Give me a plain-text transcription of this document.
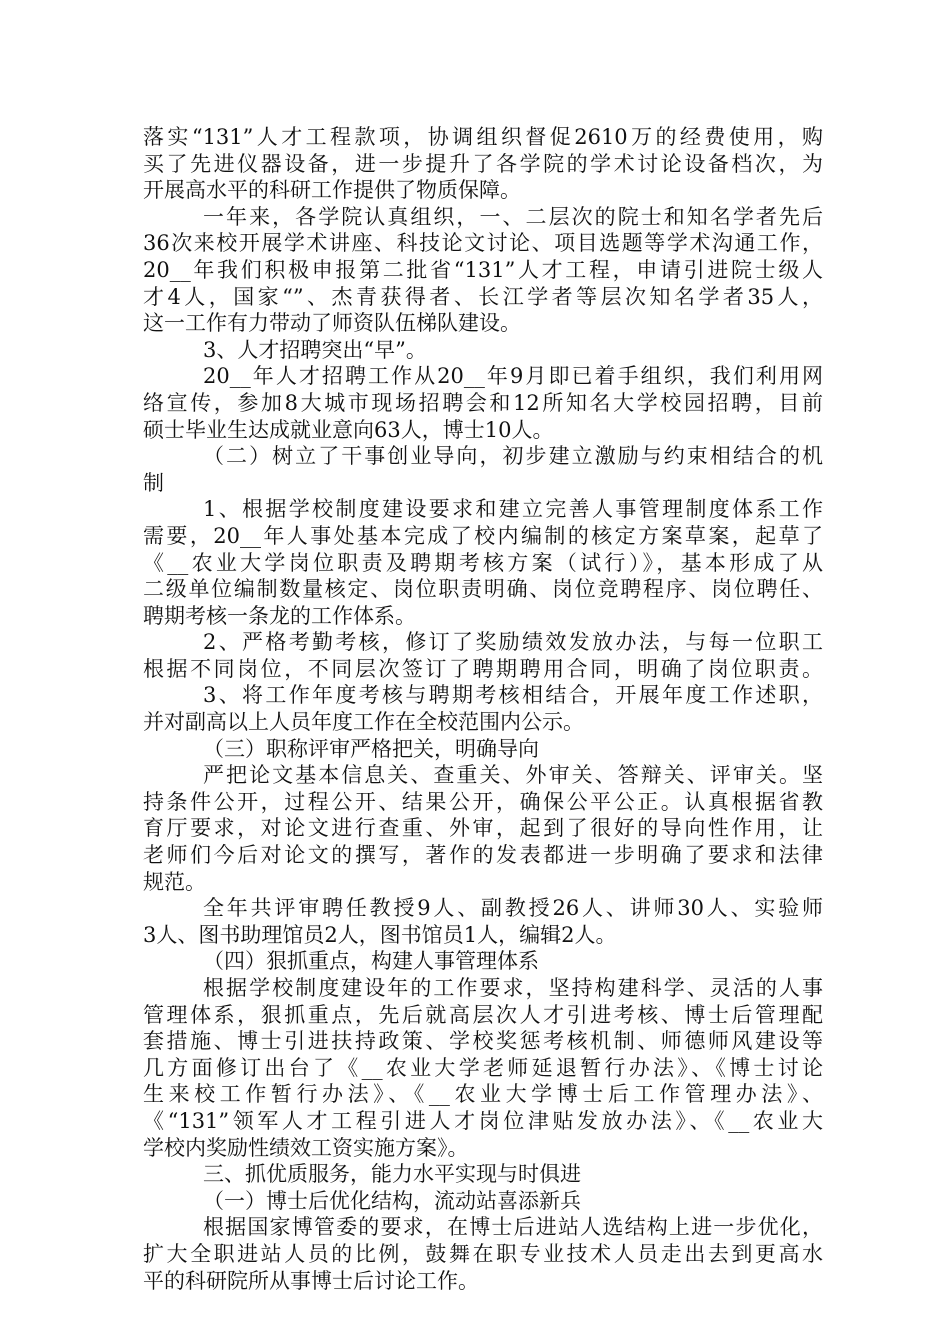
落实“131”人才工程款项，协调组织督促2610万的经费使用，购
买了先进仪器设备，进一步提升了各学院的学术讨论设备档次，为
开展高水平的科研工作提供了物质保障。
一年来，各学院认真组织，一、二层次的院士和知名学者先后
36次来校开展学术讲座、科技论文讨论、项目选题等学术沟通工作，
20__年我们积极申报第二批省“131”人才工程，申请引进院士级人
才4人，国家“”、杰青获得者、长江学者等层次知名学者35人，
这一工作有力带动了师资队伍梯队建设。
3、人才招聘突出“早”。
20__年人才招聘工作从20__年9月即已着手组织，我们利用网
络宣传，参加8大城市现场招聘会和12所知名大学校园招聘，目前
硕士毕业生达成就业意向63人，博士10人。
（二）树立了干事创业导向，初步建立激励与约束相结合的机
制
1、根据学校制度建设要求和建立完善人事管理制度体系工作
需要，20__年人事处基本完成了校内编制的核定方案草案，起草了
《__农业大学岗位职责及聘期考核方案（试行）》，基本形成了从
二级单位编制数量核定、岗位职责明确、岗位竞聘程序、岗位聘任、
聘期考核一条龙的工作体系。
2、严格考勤考核，修订了奖励绩效发放办法，与每一位职工
根据不同岗位，不同层次签订了聘期聘用合同，明确了岗位职责。
3、将工作年度考核与聘期考核相结合，开展年度工作述职，
并对副高以上人员年度工作在全校范围内公示。
（三）职称评审严格把关，明确导向
严把论文基本信息关、查重关、外审关、答辩关、评审关。坚
持条件公开，过程公开、结果公开，确保公平公正。认真根据省教
育厅要求，对论文进行查重、外审，起到了很好的导向性作用，让
老师们今后对论文的撰写，著作的发表都进一步明确了要求和法律
规范。
全年共评审聘任教授9人、副教授26人、讲师30人、实验师
3人、图书助理馆员2人，图书馆员1人，编辑2人。
（四）狠抓重点，构建人事管理体系
根据学校制度建设年的工作要求，坚持构建科学、灵活的人事
管理体系，狠抓重点，先后就高层次人才引进考核、博士后管理配
套措施、博士引进扶持政策、学校奖惩考核机制、师德师风建设等
几方面修订出台了《__农业大学老师延退暂行办法》、《博士讨论
生来校工作暂行办法》、《__农业大学博士后工作管理办法》、
《“131”领军人才工程引进人才岗位津贴发放办法》、《__农业大
学校内奖励性绩效工资实施方案》。
三、抓优质服务，能力水平实现与时俱进
（一）博士后优化结构，流动站喜添新兵
根据国家博管委的要求，在博士后进站人选结构上进一步优化，
扩大全职进站人员的比例，鼓舞在职专业技术人员走出去到更高水
平的科研院所从事博士后讨论工作。
